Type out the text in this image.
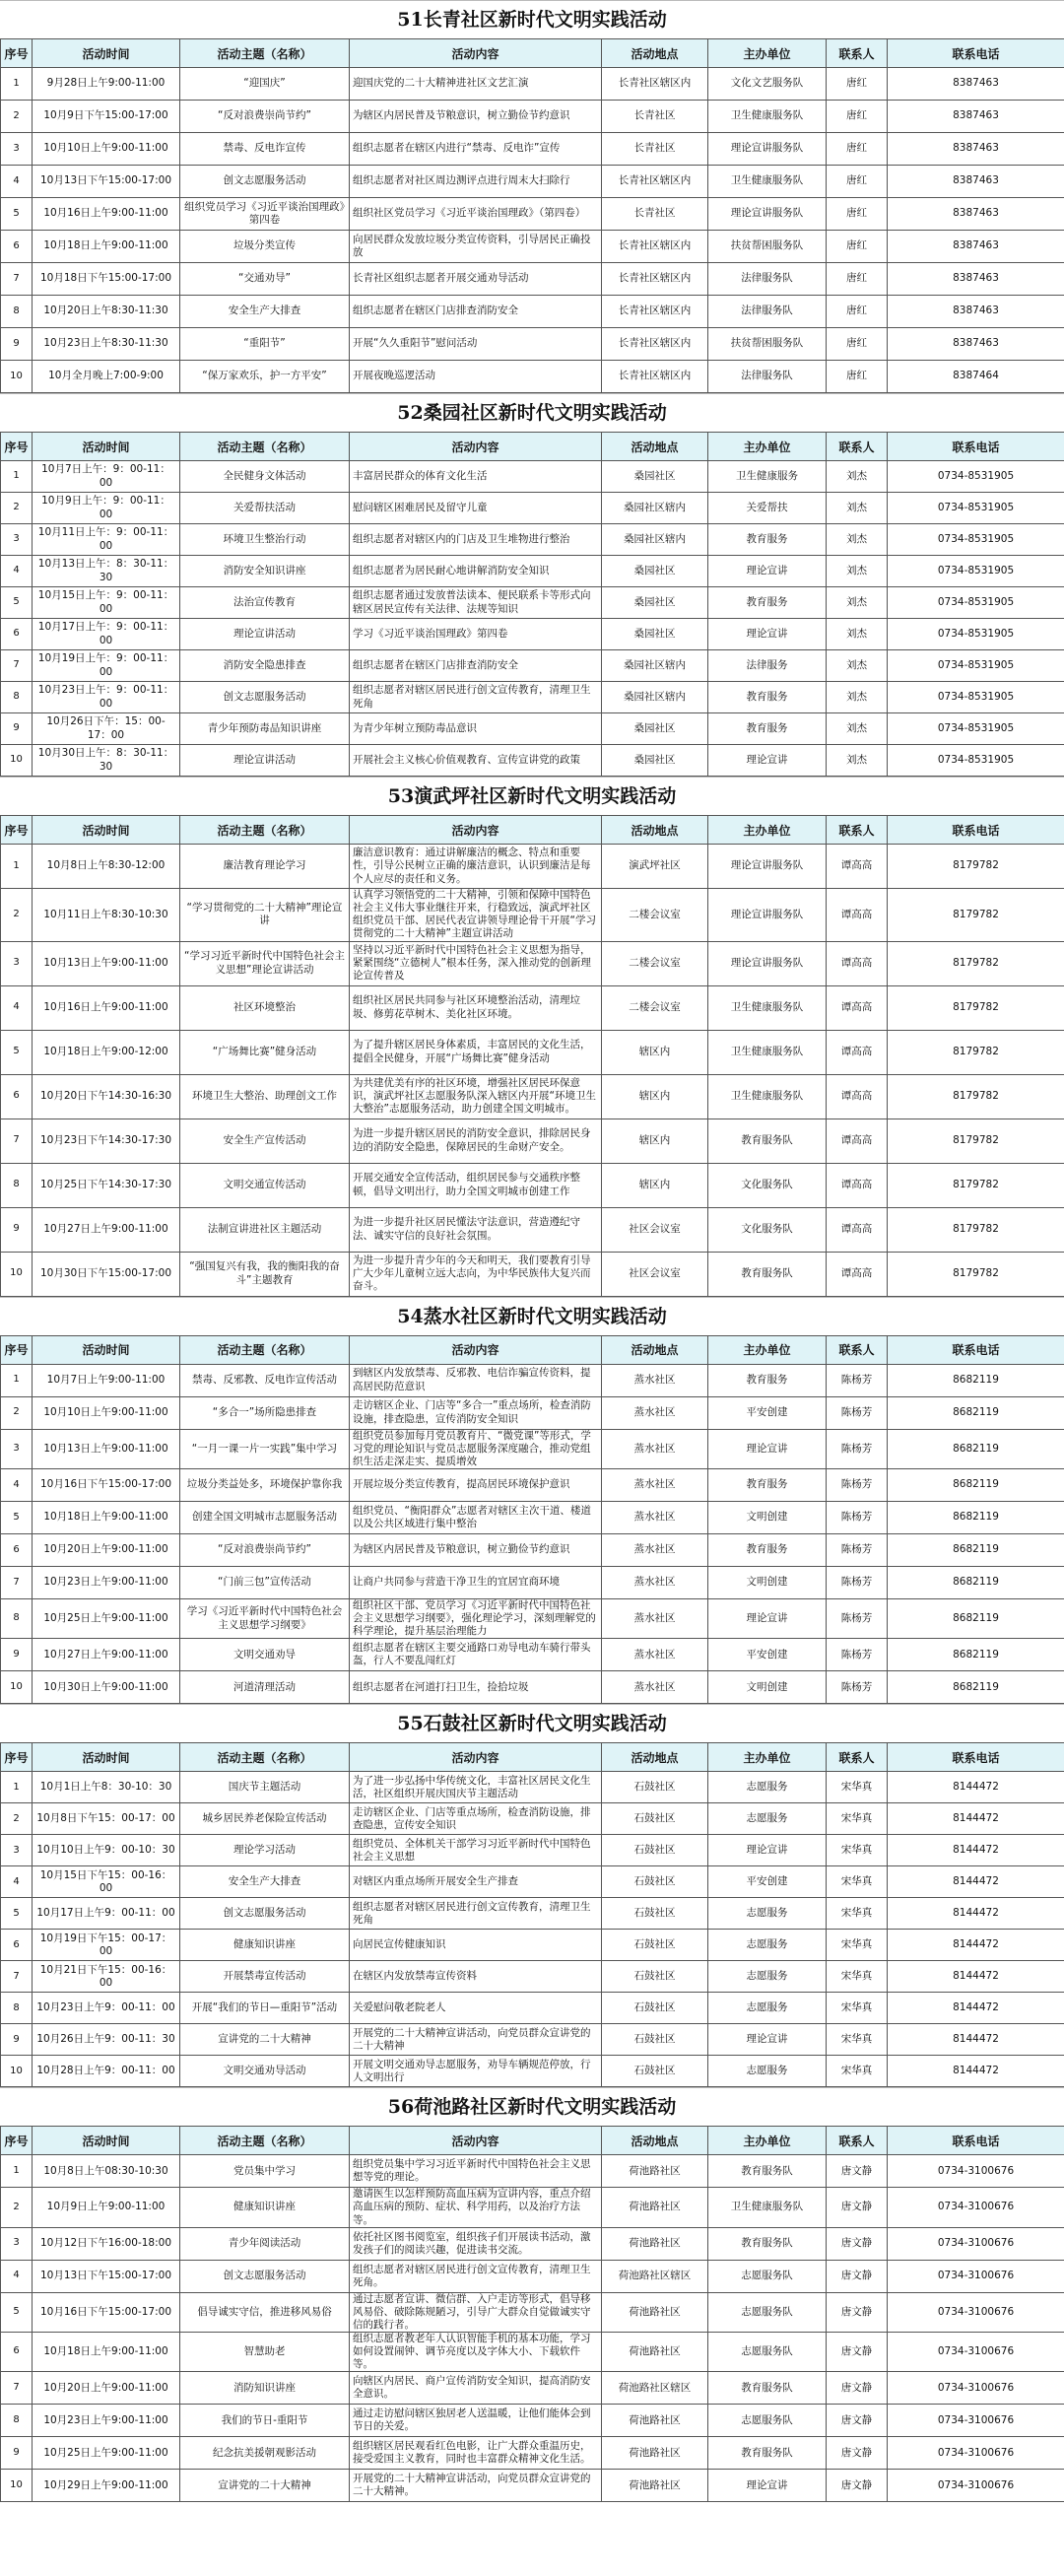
51长青社区新时代文明实践活动
序号	活动时间	活动主题（名称）	活动内容	活动地点	主办单位	联系人	联系电话
1	9月28日上午9:00-11:00	“迎国庆”	迎国庆党的二十大精神进社区文艺汇演	长青社区辖区内	文化文艺服务队	唐红	8387463
2	10月9日下午15:00-17:00	“反对浪费崇尚节约”	为辖区内居民普及节粮意识，树立勤俭节约意识	长青社区	卫生健康服务队	唐红	8387463
3	10月10日上午9:00-11:00	禁毒、反电诈宣传	组织志愿者在辖区内进行“禁毒、反电诈”宣传	长青社区	理论宣讲服务队	唐红	8387463
4	10月13日下午15:00-17:00	创文志愿服务活动	组织志愿者对社区周边测评点进行周末大扫除行	长青社区辖区内	卫生健康服务队	唐红	8387463
5	10月16日上午9:00-11:00	组织党员学习《习近平谈治国理政》第四卷	组织社区党员学习《习近平谈治国理政》（第四卷）	长青社区	理论宣讲服务队	唐红	8387463
6	10月18日上午9:00-11:00	垃圾分类宣传	向居民群众发放垃圾分类宣传资料，引导居民正确投放	长青社区辖区内	扶贫帮困服务队	唐红	8387463
7	10月18日下午15:00-17:00	“交通劝导”	长青社区组织志愿者开展交通劝导活动	长青社区辖区内	法律服务队	唐红	8387463
8	10月20日上午8:30-11:30	安全生产大排查	组织志愿者在辖区门店排查消防安全	长青社区辖区内	法律服务队	唐红	8387463
9	10月23日上午8:30-11:30	“重阳节”	开展“久久重阳节”慰问活动	长青社区辖区内	扶贫帮困服务队	唐红	8387463
10	10月全月晚上7:00-9:00	“保万家欢乐，护一方平安”	开展夜晚巡逻活动	长青社区辖区内	法律服务队	唐红	8387464
52桑园社区新时代文明实践活动
序号	活动时间	活动主题（名称）	活动内容	活动地点	主办单位	联系人	联系电话
1	10月7日上午：9：00-11：00	全民健身文体活动	丰富居民群众的体育文化生活	桑园社区	卫生健康服务	刘杰	0734-8531905
2	10月9日上午：9：00-11：00	关爱帮扶活动	慰问辖区困难居民及留守儿童	桑园社区辖内	关爱帮扶	刘杰	0734-8531905
3	10月11日上午：9：00-11：00	环境卫生整治行动	组织志愿者对辖区内的门店及卫生堆物进行整治	桑园社区辖内	教育服务	刘杰	0734-8531905
4	10月13日上午：8：30-11：30	消防安全知识讲座	组织志愿者为居民耐心地讲解消防安全知识	桑园社区	理论宣讲	刘杰	0734-8531905
5	10月15日上午：9：00-11：00	法治宣传教育	组织志愿者通过发放普法读本、便民联系卡等形式向辖区居民宣传有关法律、法规等知识	桑园社区	教育服务	刘杰	0734-8531905
6	10月17日上午：9：00-11：00	理论宣讲活动	学习《习近平谈治国理政》第四卷	桑园社区	理论宣讲	刘杰	0734-8531905
7	10月19日上午：9：00-11：00	消防安全隐患排查	组织志愿者在辖区门店排查消防安全	桑园社区辖内	法律服务	刘杰	0734-8531905
8	10月23日上午：9：00-11：00	创文志愿服务活动	组织志愿者对辖区居民进行创文宣传教育，清理卫生死角	桑园社区辖内	教育服务	刘杰	0734-8531905
9	10月26日下午：15：00-17：00	青少年预防毒品知识讲座	为青少年树立预防毒品意识	桑园社区	教育服务	刘杰	0734-8531905
10	10月30日上午：8：30-11：30	理论宣讲活动	开展社会主义核心价值观教育、宣传宣讲党的政策	桑园社区	理论宣讲	刘杰	0734-8531905
53演武坪社区新时代文明实践活动
序号	活动时间	活动主题（名称）	活动内容	活动地点	主办单位	联系人	联系电话
1	10月8日上午8:30-12:00	廉洁教育理论学习	廉洁意识教育：通过讲解廉洁的概念、特点和重要性，引导公民树立正确的廉洁意识，认识到廉洁是每个人应尽的责任和义务。	演武坪社区	理论宣讲服务队	谭高高	8179782
2	10月11日上午8:30-10:30	“学习贯彻党的二十大精神”理论宣讲	认真学习领悟党的二十大精神，引领和保障中国特色社会主义伟大事业继往开来，行稳致远，演武坪社区组织党员干部、居民代表宣讲领导理论骨干开展“学习贯彻党的二十大精神”主题宣讲活动	二楼会议室	理论宣讲服务队	谭高高	8179782
3	10月13日上午9:00-11:00	“学习习近平新时代中国特色社会主义思想”理论宣讲活动	坚持以习近平新时代中国特色社会主义思想为指导，紧紧围绕“立德树人”根本任务，深入推动党的创新理论宣传普及	二楼会议室	理论宣讲服务队	谭高高	8179782
4	10月16日上午9:00-11:00	社区环境整治	组织社区居民共同参与社区环境整治活动，清理垃圾、修剪花草树木、美化社区环境。	二楼会议室	卫生健康服务队	谭高高	8179782
5	10月18日上午9:00-12:00	“广场舞比赛”健身活动	为了提升辖区居民身体素质，丰富居民的文化生活，提倡全民健身，开展“广场舞比赛”健身活动	辖区内	卫生健康服务队	谭高高	8179782
6	10月20日下午14:30-16:30	环境卫生大整治、助理创文工作	为共建优美有序的社区环境，增强社区居民环保意识，演武坪社区志愿服务队深入辖区内开展“环境卫生大整治”志愿服务活动，助力创建全国文明城市。	辖区内	卫生健康服务队	谭高高	8179782
7	10月23日下午14:30-17:30	安全生产宣传活动	为进一步提升辖区居民的消防安全意识，排除居民身边的消防安全隐患，保障居民的生命财产安全。	辖区内	教育服务队	谭高高	8179782
8	10月25日下午14:30-17:30	文明交通宣传活动	开展交通安全宣传活动，组织居民参与交通秩序整顿，倡导文明出行，助力全国文明城市创建工作	辖区内	文化服务队	谭高高	8179782
9	10月27日上午9:00-11:00	法制宣讲进社区主题活动	为进一步提升社区居民懂法守法意识，营造遵纪守法、诚实守信的良好社会氛围。	社区会议室	文化服务队	谭高高	8179782
10	10月30日下午15:00-17:00	“强国复兴有我，我的衡阳我的奋斗”主题教育	为进一步提升青少年的今天和明天，我们要教育引导广大少年儿童树立远大志向，为中华民族伟大复兴而奋斗。	社区会议室	教育服务队	谭高高	8179782
54蒸水社区新时代文明实践活动
序号	活动时间	活动主题（名称）	活动内容	活动地点	主办单位	联系人	联系电话
1	10月7日上午9:00-11:00	禁毒、反邪教、反电诈宣传活动	到辖区内发放禁毒、反邪教、电信诈骗宣传资料，提高居民防范意识	蒸水社区	教育服务	陈杨芳	8682119
2	10月10日上午9:00-11:00	“多合一”场所隐患排查	走访辖区企业、门店等“多合一”重点场所，检查消防设施，排查隐患，宣传消防安全知识	蒸水社区	平安创建	陈杨芳	8682119
3	10月13日上午9:00-11:00	“一月一课一片一实践”集中学习	组织党员参加每月党员教育片、“微党课”等形式，学习党的理论知识与党员志愿服务深度融合，推动党组织生活走深走实、提质增效	蒸水社区	理论宣讲	陈杨芳	8682119
4	10月16日下午15:00-17:00	垃圾分类益处多，环境保护靠你我	开展垃圾分类宣传教育，提高居民环境保护意识	蒸水社区	教育服务	陈杨芳	8682119
5	10月18日上午9:00-11:00	创建全国文明城市志愿服务活动	组织党员、“衡阳群众”志愿者对辖区主次干道、楼道以及公共区域进行集中整治	蒸水社区	文明创建	陈杨芳	8682119
6	10月20日上午9:00-11:00	“反对浪费崇尚节约”	为辖区内居民普及节粮意识，树立勤俭节约意识	蒸水社区	教育服务	陈杨芳	8682119
7	10月23日上午9:00-11:00	“门前三包”宣传活动	让商户共同参与营造干净卫生的宜居宜商环境	蒸水社区	文明创建	陈杨芳	8682119
8	10月25日上午9:00-11:00	学习《习近平新时代中国特色社会主义思想学习纲要》	组织社区干部、党员学习《习近平新时代中国特色社会主义思想学习纲要》，强化理论学习，深刻理解党的科学理论，提升基层治理能力	蒸水社区	理论宣讲	陈杨芳	8682119
9	10月27日上午9:00-11:00	文明交通劝导	组织志愿者在辖区主要交通路口劝导电动车骑行带头盔，行人不要乱闯红灯	蒸水社区	平安创建	陈杨芳	8682119
10	10月30日上午9:00-11:00	河道清理活动	组织志愿者在河道打扫卫生，捡拾垃圾	蒸水社区	文明创建	陈杨芳	8682119
55石鼓社区新时代文明实践活动
序号	活动时间	活动主题（名称）	活动内容	活动地点	主办单位	联系人	联系电话
1	10月1日上午8：30-10：30	国庆节主题活动	为了进一步弘扬中华传统文化，丰富社区居民文化生活，社区组织开展庆国庆节主题活动	石鼓社区	志愿服务	宋华真	8144472
2	10月8日下午15：00-17：00	城乡居民养老保险宣传活动	走访辖区企业、门店等重点场所，检查消防设施，排查隐患，宣传安全知识	石鼓社区	志愿服务	宋华真	8144472
3	10月10日上午9：00-10：30	理论学习活动	组织党员、全体机关干部学习习近平新时代中国特色社会主义思想	石鼓社区	理论宣讲	宋华真	8144472
4	10月15日下午15：00-16：00	安全生产大排查	对辖区内重点场所开展安全生产排查	石鼓社区	平安创建	宋华真	8144472
5	10月17日上午9：00-11：00	创文志愿服务活动	组织志愿者对辖区居民进行创文宣传教育，清理卫生死角	石鼓社区	志愿服务	宋华真	8144472
6	10月19日下午15：00-17：00	健康知识讲座	向居民宣传健康知识	石鼓社区	志愿服务	宋华真	8144472
7	10月21日下午15：00-16：00	开展禁毒宣传活动	在辖区内发放禁毒宣传资料	石鼓社区	志愿服务	宋华真	8144472
8	10月23日上午9：00-11：00	开展“我们的节日—重阳节”活动	关爱慰问敬老院老人	石鼓社区	志愿服务	宋华真	8144472
9	10月26日上午9：00-11：30	宣讲党的二十大精神	开展党的二十大精神宣讲活动，向党员群众宣讲党的二十大精神	石鼓社区	理论宣讲	宋华真	8144472
10	10月28日上午9：00-11：00	文明交通劝导活动	开展文明交通劝导志愿服务，劝导车辆规范停放，行人文明出行	石鼓社区	志愿服务	宋华真	8144472
56荷池路社区新时代文明实践活动
序号	活动时间	活动主题（名称）	活动内容	活动地点	主办单位	联系人	联系电话
1	10月8日上午08:30-10:30	党员集中学习	组织党员集中学习习近平新时代中国特色社会主义思想等党的理论。	荷池路社区	教育服务队	唐文静	0734-3100676
2	10月9日上午9:00-11:00	健康知识讲座	邀请医生以怎样预防高血压病为宣讲内容，重点介绍高血压病的预防、症状、科学用药，以及治疗方法等。	荷池路社区	卫生健康服务队	唐文静	0734-3100676
3	10月12日下午16:00-18:00	青少年阅读活动	依托社区图书阅览室，组织孩子们开展读书活动，激发孩子们的阅读兴趣，促进读书交流。	荷池路社区	教育服务队	唐文静	0734-3100676
4	10月13日下午15:00-17:00	创文志愿服务活动	组织志愿者对辖区居民进行创文宣传教育，清理卫生死角。	荷池路社区辖区	志愿服务队	唐文静	0734-3100676
5	10月16日下午15:00-17:00	倡导诚实守信，推进移风易俗	通过志愿者宣讲、微信群、入户走访等形式，倡导移风易俗、破除陈规陋习，引导广大群众自觉做诚实守信的践行者。	荷池路社区	志愿服务队	唐文静	0734-3100676
6	10月18日上午9:00-11:00	智慧助老	组织志愿者教老年人认识智能手机的基本功能，学习如何设置闹钟、调节亮度以及字体大小、下载软件等。	荷池路社区	志愿服务队	唐文静	0734-3100676
7	10月20日上午9:00-11:00	消防知识讲座	向辖区内居民、商户宣传消防安全知识，提高消防安全意识。	荷池路社区辖区	教育服务队	唐文静	0734-3100676
8	10月23日上午9:00-11:00	我们的节日-重阳节	通过走访慰问辖区独居老人送温暖，让他们能体会到节日的关爱。	荷池路社区	志愿服务队	唐文静	0734-3100676
9	10月25日上午9:00-11:00	纪念抗美援朝观影活动	组织辖区居民观看红色电影，让广大群众重温历史，接受爱国主义教育，同时也丰富群众精神文化生活。	荷池路社区	教育服务队	唐文静	0734-3100676
10	10月29日上午9:00-11:00	宣讲党的二十大精神	开展党的二十大精神宣讲活动，向党员群众宣讲党的二十大精神。	荷池路社区	理论宣讲	唐文静	0734-3100676
